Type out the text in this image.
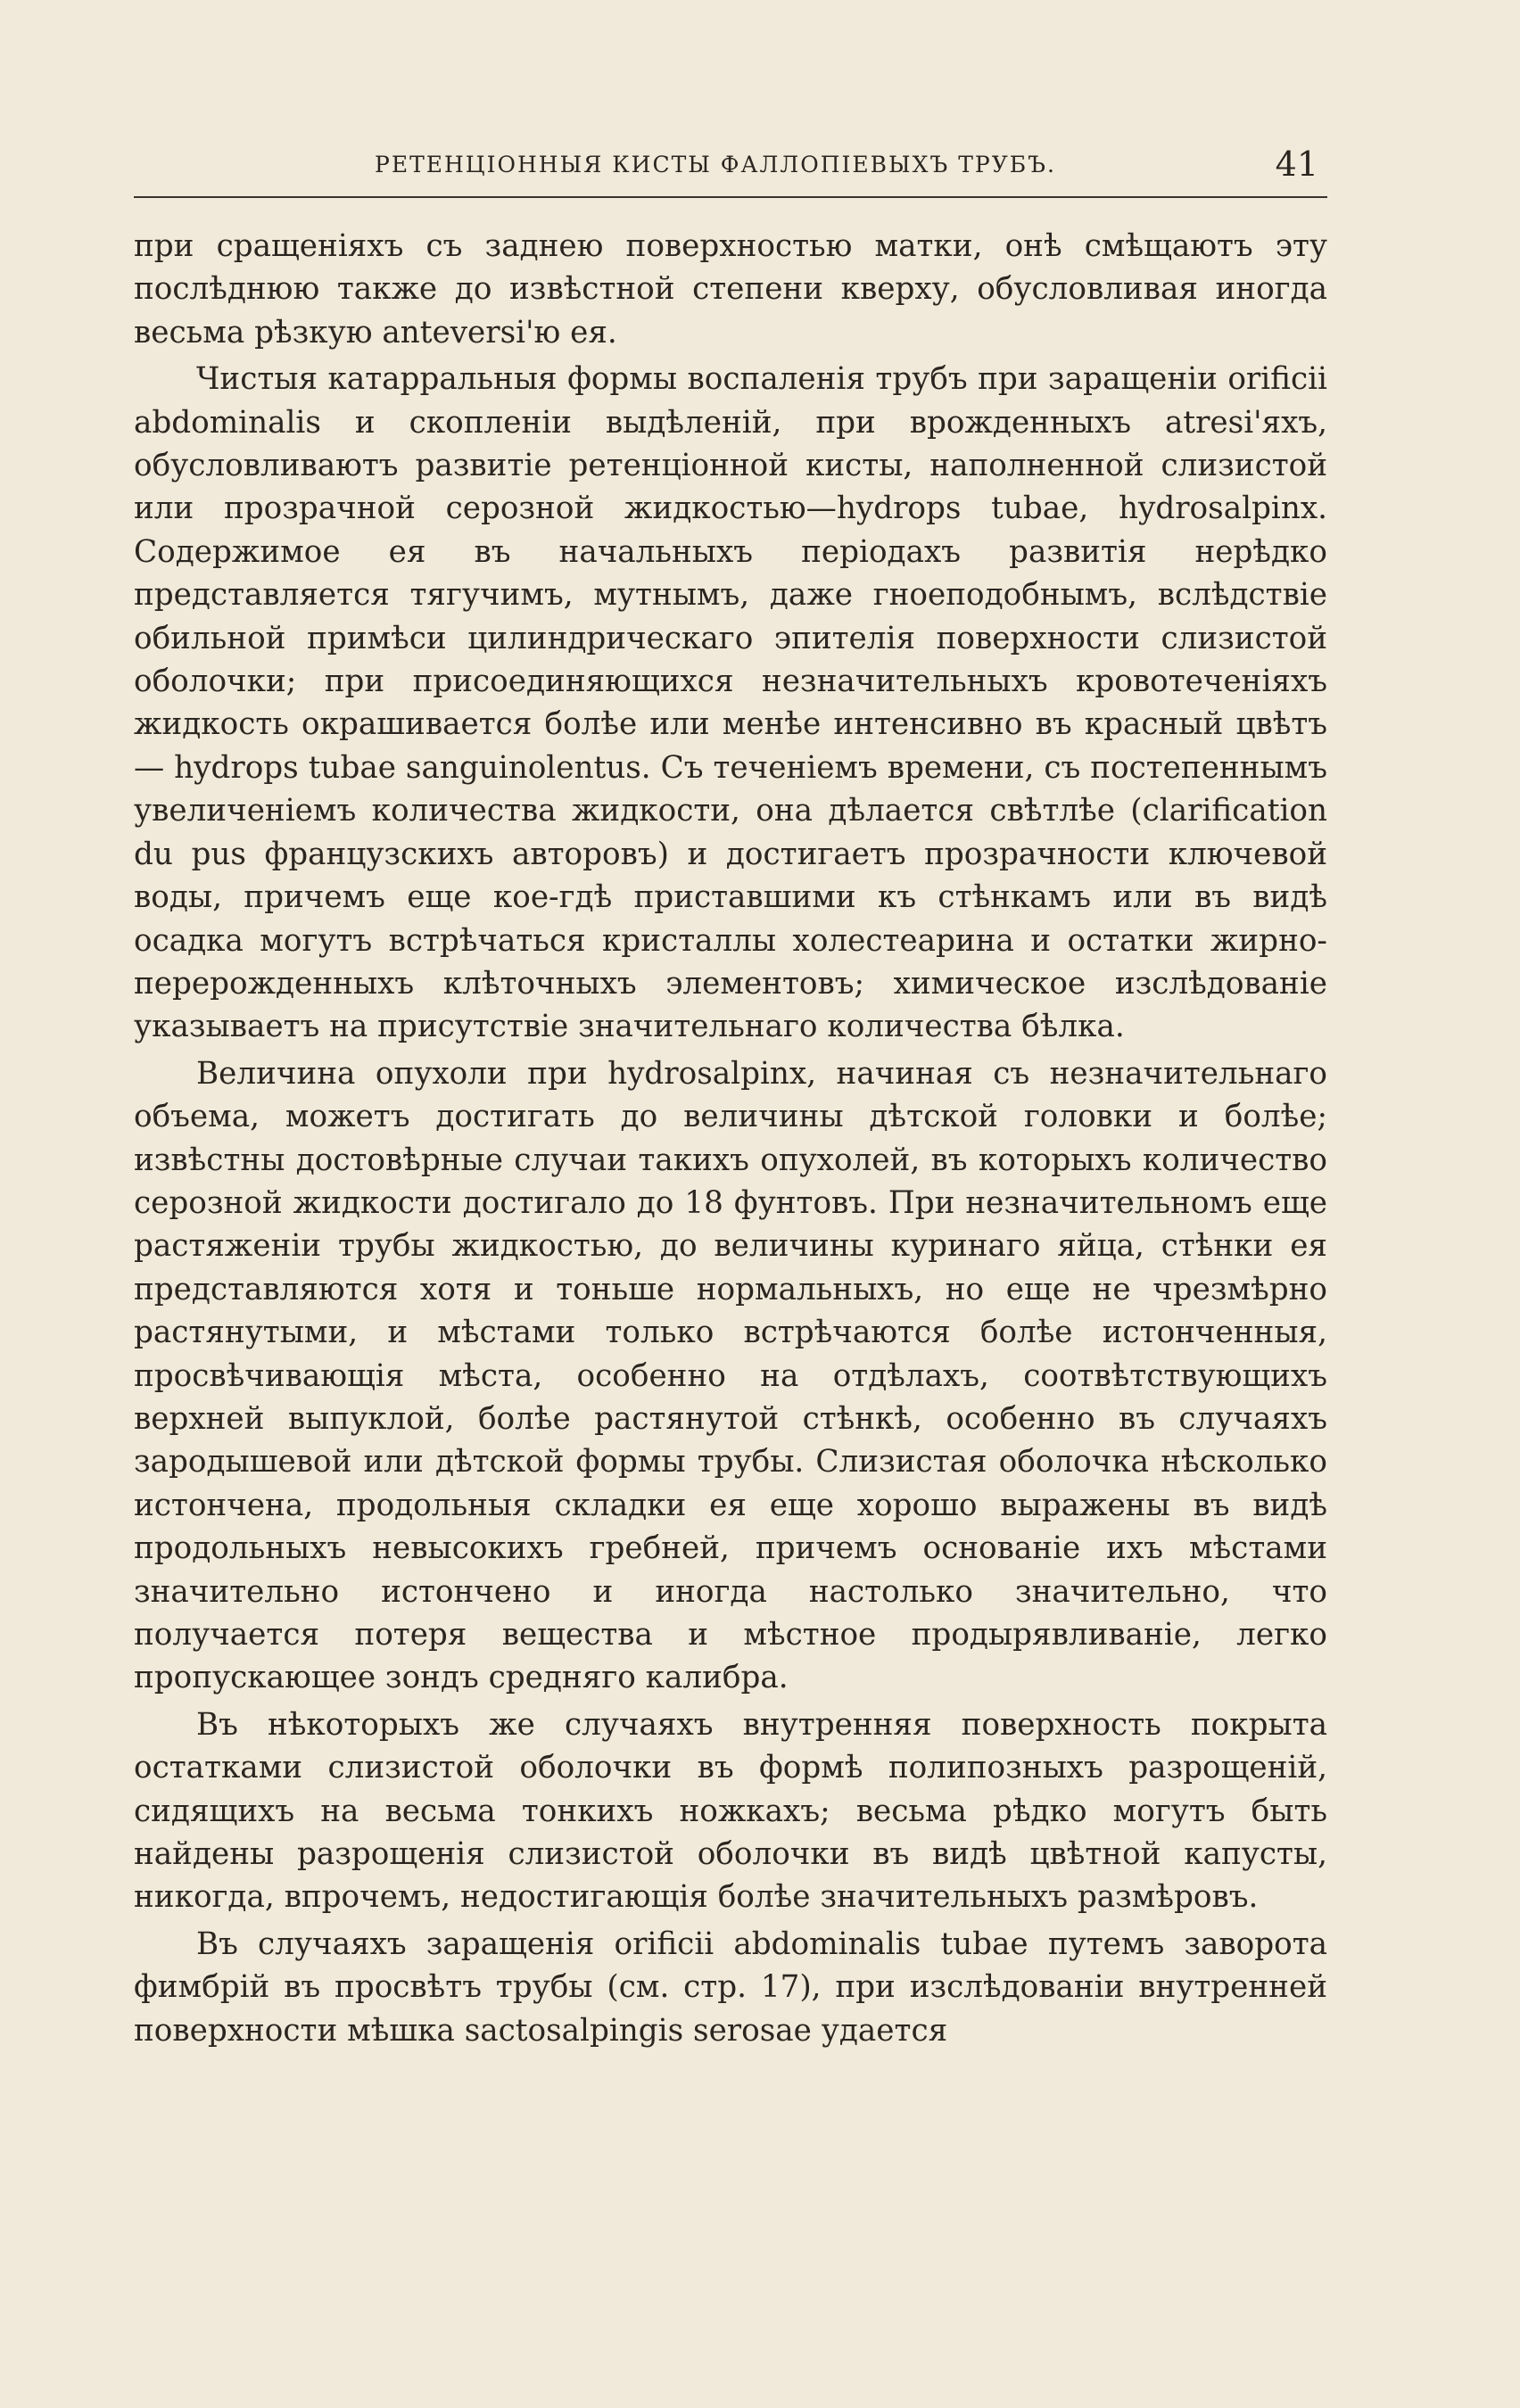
РЕТЕНЦІОННЫЯ КИСТЫ ФАЛЛОПІЕВЫХЪ ТРУБЪ.	41

при сращеніяхъ съ заднею поверхностью матки, онѣ смѣщаютъ эту послѣднюю также до извѣстной степени кверху, обусловливая иногда весьма рѣзкую anteversi'ю ея.

Чистыя катарральныя формы воспаленія трубъ при заращеніи orificii abdominalis и скопленіи выдѣленій, при врожденныхъ atresi'яхъ, обусловливаютъ развитіе ретенціонной кисты, наполненной слизистой или прозрачной серозной жидкостью—hydrops tubae, hydrosalpinx. Содержимое ея въ начальныхъ періодахъ развитія нерѣдко представляется тягучимъ, мутнымъ, даже гноеподобнымъ, вслѣдствіе обильной примѣси цилиндрическаго эпителія поверхности слизистой оболочки; при присоединяющихся незначительныхъ кровотеченіяхъ жидкость окрашивается болѣе или менѣе интенсивно въ красный цвѣтъ — hydrops tubae sanguinolentus. Съ теченіемъ времени, съ постепеннымъ увеличеніемъ количества жидкости, она дѣлается свѣтлѣе (clarification du pus французскихъ авторовъ) и достигаетъ прозрачности ключевой воды, причемъ еще кое-гдѣ приставшими къ стѣнкамъ или въ видѣ осадка могутъ встрѣчаться кристаллы холестеарина и остатки жирно-перерожденныхъ клѣточныхъ элементовъ; химическое изслѣдованіе указываетъ на присутствіе значительнаго количества бѣлка.

Величина опухоли при hydrosalpinx, начиная съ незначительнаго объема, можетъ достигать до величины дѣтской головки и болѣе; извѣстны достовѣрные случаи такихъ опухолей, въ которыхъ количество серозной жидкости достигало до 18 фунтовъ. При незначительномъ еще растяженіи трубы жидкостью, до величины куринаго яйца, стѣнки ея представляются хотя и тоньше нормальныхъ, но еще не чрезмѣрно растянутыми, и мѣстами только встрѣчаются болѣе истонченныя, просвѣчивающія мѣста, особенно на отдѣлахъ, соотвѣтствующихъ верхней выпуклой, болѣе растянутой стѣнкѣ, особенно въ случаяхъ зародышевой или дѣтской формы трубы. Слизистая оболочка нѣсколько истончена, продольныя складки ея еще хорошо выражены въ видѣ продольныхъ невысокихъ гребней, причемъ основаніе ихъ мѣстами значительно истончено и иногда настолько значительно, что получается потеря вещества и мѣстное продырявливаніе, легко пропускающее зондъ средняго калибра.

Въ нѣкоторыхъ же случаяхъ внутренняя поверхность покрыта остатками слизистой оболочки въ формѣ полипозныхъ разрощеній, сидящихъ на весьма тонкихъ ножкахъ; весьма рѣдко могутъ быть найдены разрощенія слизистой оболочки въ видѣ цвѣтной капусты, никогда, впрочемъ, недостигающія болѣе значительныхъ размѣровъ.

Въ случаяхъ заращенія orificii abdominalis tubae путемъ заворота фимбрій въ просвѣтъ трубы (см. стр. 17), при изслѣдованіи внутренней поверхности мѣшка sactosalpingis serosae удается
